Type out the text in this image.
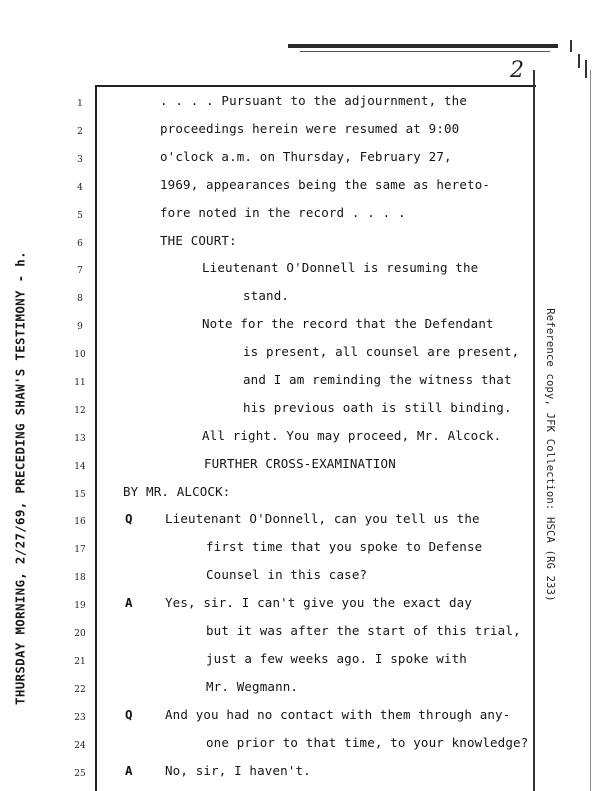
2
THURSDAY MORNING, 2/27/69, PRECEDING SHAW'S TESTIMONY - h.	Reference copy, JFK Collection: HSCA (RG 233)
1	. . . . Pursuant to the adjournment, the
2	proceedings herein were resumed at 9:00
3	o'clock a.m. on Thursday, February 27,
4	1969, appearances being the same as hereto-
5	fore noted in the record . . . .
6	THE COURT:
7	Lieutenant O'Donnell is resuming the
8	stand.
9	Note for the record that the Defendant
10	is present, all counsel are present,
11	and I am reminding the witness that
12	his previous oath is still binding.
13	All right. You may proceed, Mr. Alcock.
14	FURTHER CROSS-EXAMINATION
15	BY MR. ALCOCK:
16	Q	Lieutenant O'Donnell, can you tell us the
17	first time that you spoke to Defense
18	Counsel in this case?
19	A	Yes, sir. I can't give you the exact day
20	but it was after the start of this trial,
21	just a few weeks ago. I spoke with
22	Mr. Wegmann.
23	Q	And you had no contact with them through any-
24	one prior to that time, to your knowledge?
25	A	No, sir, I haven't.
